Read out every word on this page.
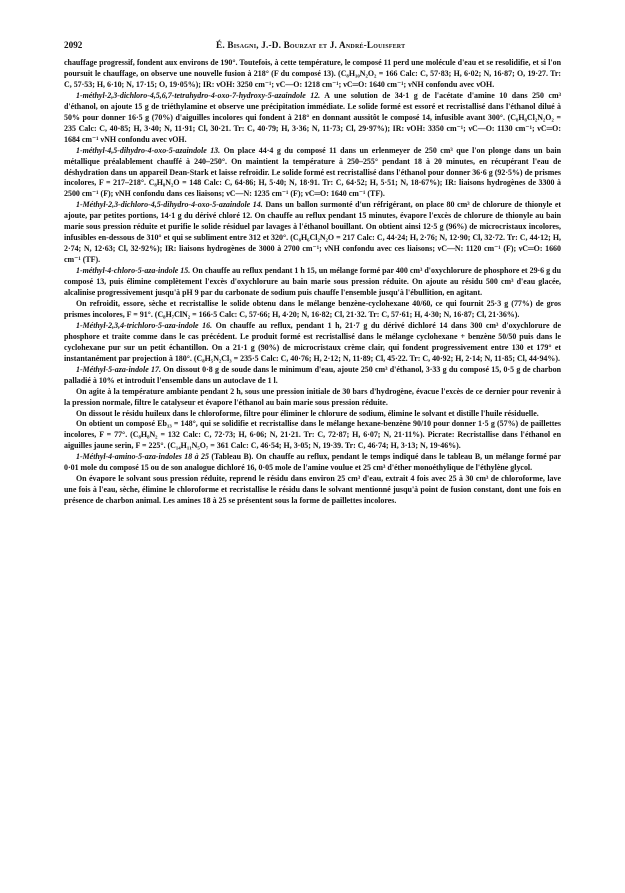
2092	É. Bisagni, J.-D. Bourzat et J. André-Louisfert

chauffage progressif, fondent aux environs de 190°. Toutefois, à cette température, le composé 11 perd une molécule d'eau et se resolidifie, et si l'on poursuit le chauffage, on observe une nouvelle fusion à 218° (F du composé 13). (C₈H₁₀N₂O₂ = 166 Calc: C, 57·83; H, 6·02; N, 16·87; O, 19·27. Tr: C, 57·53; H, 6·10; N, 17·15; O, 19·05%); IR: νOH: 3250 cm⁻¹; νC—O: 1218 cm⁻¹; νC═O: 1640 cm⁻¹; νNH confondu avec νOH.

1-méthyl-2,3-dichloro-4,5,6,7-tetrahydro-4-oxo-7-hydroxy-5-azaindole 12. A une solution de 34·1 g de l'acétate d'amine 10 dans 250 cm³ d'éthanol, on ajoute 15 g de triéthylamine et observe une précipitation immédiate. Le solide formé est essoré et recristallisé dans l'éthanol dilué à 50% pour donner 16·5 g (70%) d'aiguilles incolores qui fondent à 218° en donnant aussitôt le composé 14, infusible avant 300°. (C₈H₈Cl₂N₂O₂ = 235 Calc: C, 40·85; H, 3·40; N, 11·91; Cl, 30·21. Tr: C, 40·79; H, 3·36; N, 11·73; Cl, 29·97%); IR: νOH: 3350 cm⁻¹; νC—O: 1130 cm⁻¹; νC═O: 1684 cm⁻¹ νNH confondu avec νOH.

1-méthyl-4,5-dihydro-4-oxo-5-azaindole 13. On place 44·4 g du composé 11 dans un erlenmeyer de 250 cm³ que l'on plonge dans un bain métallique préalablement chauffé à 240–250°. On maintient la température à 250–255° pendant 18 à 20 minutes, en récupérant l'eau de déshydration dans un appareil Dean-Stark et laisse refroidir. Le solide formé est recristallisé dans l'éthanol pour donner 36·6 g (92·5%) de prismes incolores, F = 217–218°. C₈H₈N₂O = 148 Calc: C, 64·86; H, 5·40; N, 18·91. Tr: C, 64·52; H, 5·51; N, 18·67%); IR: liaisons hydrogènes de 3300 à 2500 cm⁻¹ (F); νNH confondu dans ces liaisons; νC—N: 1235 cm⁻¹ (F); νC═O: 1640 cm⁻¹ (TF).

1-Méthyl-2,3-dichloro-4,5-dihydro-4-oxo-5-azaindole 14. Dans un ballon surmonté d'un réfrigérant, on place 80 cm³ de chlorure de thionyle et ajoute, par petites portions, 14·1 g du dérivé chloré 12. On chauffe au reflux pendant 15 minutes, évapore l'excès de chlorure de thionyle au bain marie sous pression réduite et purifie le solide résiduel par lavages à l'éthanol bouillant. On obtient ainsi 12·5 g (96%) de microcristaux incolores, infusibles en-dessous de 310° et qui se subliment entre 312 et 320°. (C₈H₆Cl₂N₂O = 217 Calc: C, 44·24; H, 2·76; N, 12·90; Cl, 32·72. Tr: C, 44·12; H, 2·74; N, 12·63; Cl, 32·92%); IR: liaisons hydrogènes de 3000 à 2700 cm⁻¹; νNH confondu avec ces liaisons; νC—N: 1120 cm⁻¹ (F); νC═O: 1660 cm⁻¹ (TF).

1-méthyl-4-chloro-5-aza-indole 15. On chauffe au reflux pendant 1 h 15, un mélange formé par 400 cm³ d'oxychlorure de phosphore et 29·6 g du composé 13, puis élimine complètement l'excès d'oxychlorure au bain marie sous pression réduite. On ajoute au résidu 500 cm³ d'eau glacée, alcalinise progressivement jusqu'à pH 9 par du carbonate de sodium puis chauffe l'ensemble jusqu'à l'ébullition, en agitant.

On refroidit, essore, sèche et recristallise le solide obtenu dans le mélange benzène-cyclohexane 40/60, ce qui fournit 25·3 g (77%) de gros prismes incolores, F = 91°. (C₈H₇ClN₂ = 166·5 Calc: C, 57·66; H, 4·20; N, 16·82; Cl, 21·32. Tr: C, 57·61; H, 4·30; N, 16·87; Cl, 21·36%).

1-Méthyl-2,3,4-trichloro-5-aza-indole 16. On chauffe au reflux, pendant 1 h, 21·7 g du dérivé dichloré 14 dans 300 cm³ d'oxychlorure de phosphore et traite comme dans le cas précédent. Le produit formé est recristallisé dans le mélange cyclohexane + benzène 50/50 puis dans le cyclohexane pur sur un petit échantillon. On a 21·1 g (90%) de microcristaux crème clair, qui fondent progressivement entre 130 et 179° et instantanément par projection à 180°. (C₈H₅N₂Cl₃ = 235·5 Calc: C, 40·76; H, 2·12; N, 11·89; Cl, 45·22. Tr: C, 40·92; H, 2·14; N, 11·85; Cl, 44·94%).

1-Méthyl-5-aza-indole 17. On dissout 0·8 g de soude dans le minimum d'eau, ajoute 250 cm³ d'éthanol, 3·33 g du composé 15, 0·5 g de charbon palladié à 10% et introduit l'ensemble dans un autoclave de 1 l.

On agite à la température ambiante pendant 2 h, sous une pression initiale de 30 bars d'hydrogène, évacue l'excès de ce dernier pour revenir à la pression normale, filtre le catalyseur et évapore l'éthanol au bain marie sous pression réduite.

On dissout le résidu huileux dans le chloroforme, filtre pour éliminer le chlorure de sodium, élimine le solvant et distille l'huile résiduelle.

On obtient un composé Eb₁₃ = 148°, qui se solidifie et recristallise dans le mélange hexane-benzène 90/10 pour donner 1·5 g (57%) de paillettes incolores, F = 77°. (C₈H₈N₂ = 132 Calc: C, 72·73; H, 6·06; N, 21·21. Tr: C, 72·87; H, 6·07; N, 21·11%). Picrate: Recristallise dans l'éthanol en aiguilles jaune serin, F = 225°. (C₁₄H₁₁N₅O₇ = 361 Calc: C, 46·54; H, 3·05; N, 19·39. Tr: C, 46·74; H, 3·13; N, 19·46%).

1-Méthyl-4-amino-5-aza-indoles 18 à 25 (Tableau B). On chauffe au reflux, pendant le temps indiqué dans le tableau B, un mélange formé par 0·01 mole du composé 15 ou de son analogue dichloré 16, 0·05 mole de l'amine voulue et 25 cm³ d'éther monoéthylique de l'éthylène glycol.

On évapore le solvant sous pression réduite, reprend le résidu dans environ 25 cm³ d'eau, extrait 4 fois avec 25 à 30 cm³ de chloroforme, lave une fois à l'eau, sèche, élimine le chloroforme et recristallise le résidu dans le solvant mentionné jusqu'à point de fusion constant, dont une fois en présence de charbon animal. Les amines 18 à 25 se présentent sous la forme de paillettes incolores.
